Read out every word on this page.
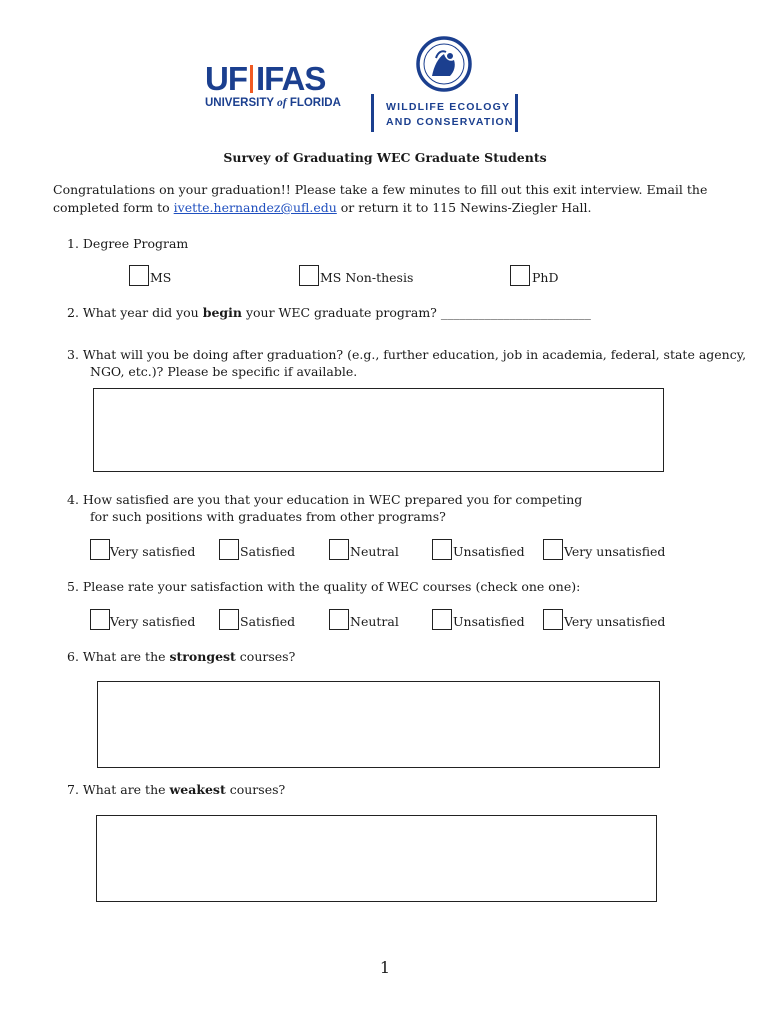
UF IFAS
UNIVERSITY of FLORIDA	WILDLIFE ECOLOGY
AND CONSERVATION
Survey of Graduating WEC Graduate Students
Congratulations on your graduation!! Please take a few minutes to fill out this exit interview. Email the
completed form to ivette.hernandez@ufl.edu or return it to 115 Newins-Ziegler Hall.
1. Degree Program
MS	MS Non-thesis	PhD
2. What year did you begin your WEC graduate program? ________________________
3. What will you be doing after graduation? (e.g., further education, job in academia, federal, state agency,
NGO, etc.)? Please be specific if available.
4. How satisfied are you that your education in WEC prepared you for competing
for such positions with graduates from other programs?
Very satisfied	Satisfied	Neutral	Unsatisfied	Very unsatisfied
5. Please rate your satisfaction with the quality of WEC courses (check one one):
Very satisfied	Satisfied	Neutral	Unsatisfied	Very unsatisfied
6. What are the strongest courses?
7. What are the weakest courses?
1
